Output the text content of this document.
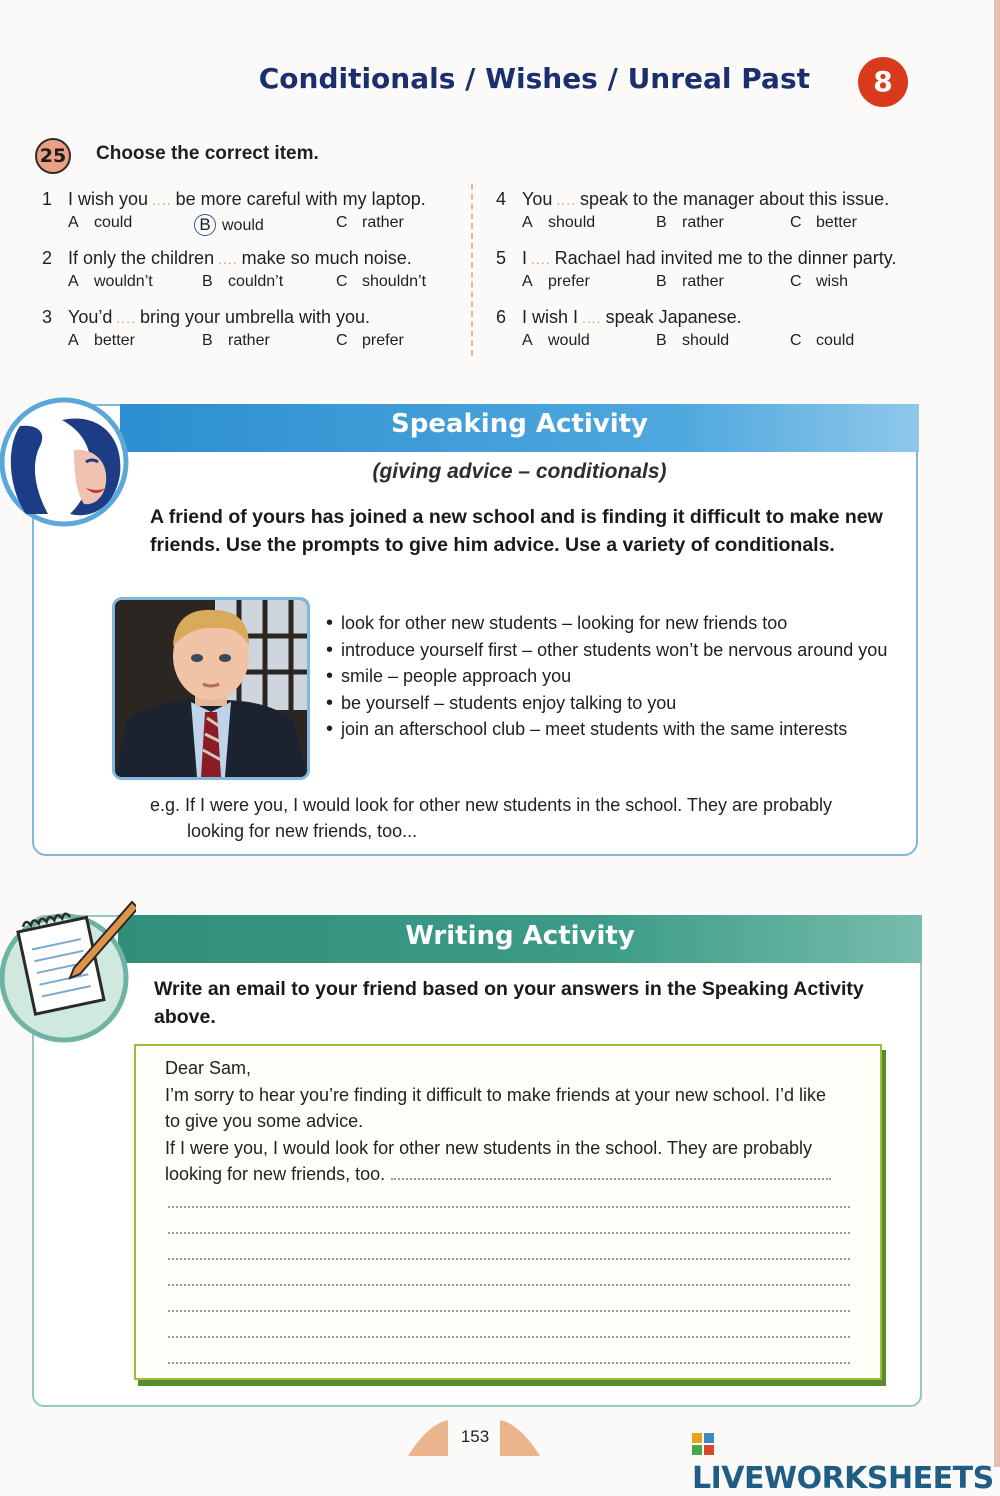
Conditionals / Wishes / Unreal Past	8
25 Choose the correct item.
1 I wish you .... be more careful with my laptop.
A could	B would	C rather
2 If only the children .... make so much noise.
A wouldn’t	B couldn’t	C shouldn’t
3 You’d .... bring your umbrella with you.
A better	B rather	C prefer
4 You .... speak to the manager about this issue.
A should	B rather	C better
5 I .... Rachael had invited me to the dinner party.
A prefer	B rather	C wish
6 I wish I .... speak Japanese.
A would	B should	C could
Speaking Activity
(giving advice – conditionals)
A friend of yours has joined a new school and is finding it difficult to make new friends. Use the prompts to give him advice. Use a variety of conditionals.
• look for other new students – looking for new friends too
• introduce yourself first – other students won’t be nervous around you
• smile – people approach you
• be yourself – students enjoy talking to you
• join an afterschool club – meet students with the same interests
e.g. If I were you, I would look for other new students in the school. They are probably
looking for new friends, too...
Writing Activity
Write an email to your friend based on your answers in the Speaking Activity above.
Dear Sam,
I’m sorry to hear you’re finding it difficult to make friends at your new school. I’d like
to give you some advice.
If I were you, I would look for other new students in the school. They are probably
looking for new friends, too.
153
LIVEWORKSHEETS
